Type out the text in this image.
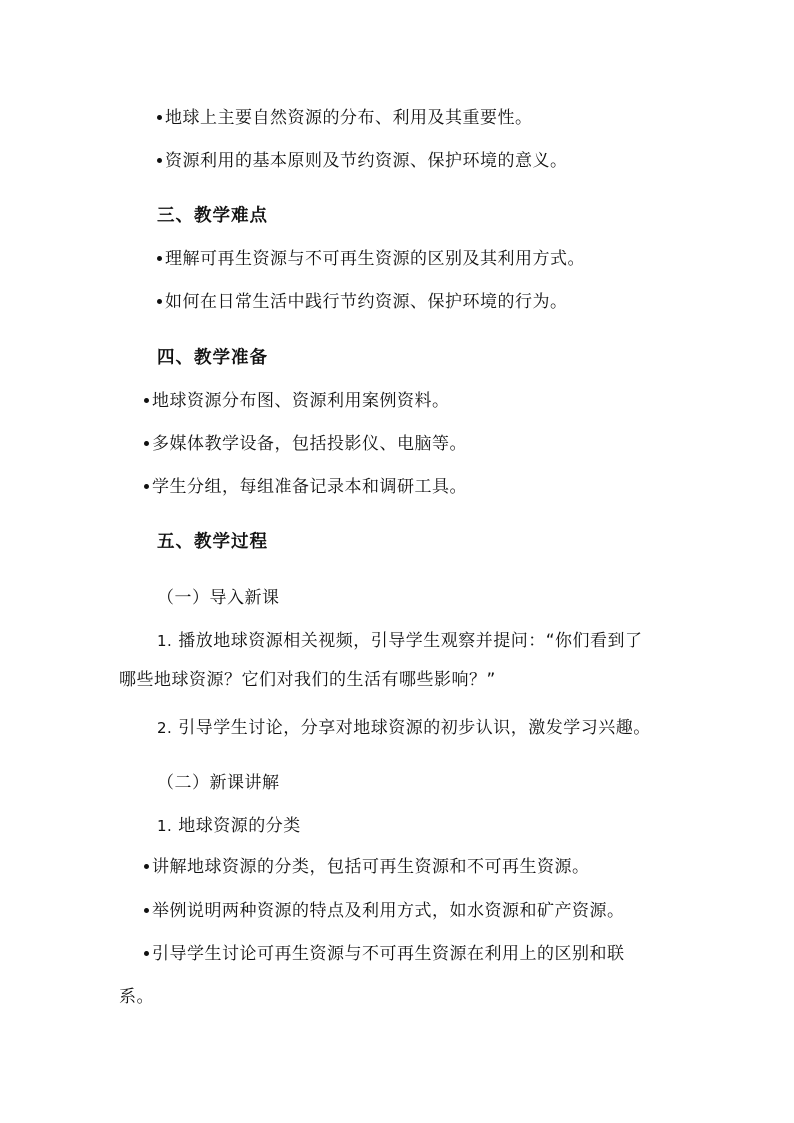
地球上主要自然资源的分布、利用及其重要性。
资源利用的基本原则及节约资源、保护环境的意义。
三、教学难点
理解可再生资源与不可再生资源的区别及其利用方式。
如何在日常生活中践行节约资源、保护环境的行为。
四、教学准备
地球资源分布图、资源利用案例资料。
多媒体教学设备，包括投影仪、电脑等。
学生分组，每组准备记录本和调研工具。
五、教学过程
（一）导入新课
1. 播放地球资源相关视频，引导学生观察并提问：“你们看到了
哪些地球资源？它们对我们的生活有哪些影响？”
2. 引导学生讨论，分享对地球资源的初步认识，激发学习兴趣。
（二）新课讲解
1. 地球资源的分类
讲解地球资源的分类，包括可再生资源和不可再生资源。
举例说明两种资源的特点及利用方式，如水资源和矿产资源。
引导学生讨论可再生资源与不可再生资源在利用上的区别和联
系。
